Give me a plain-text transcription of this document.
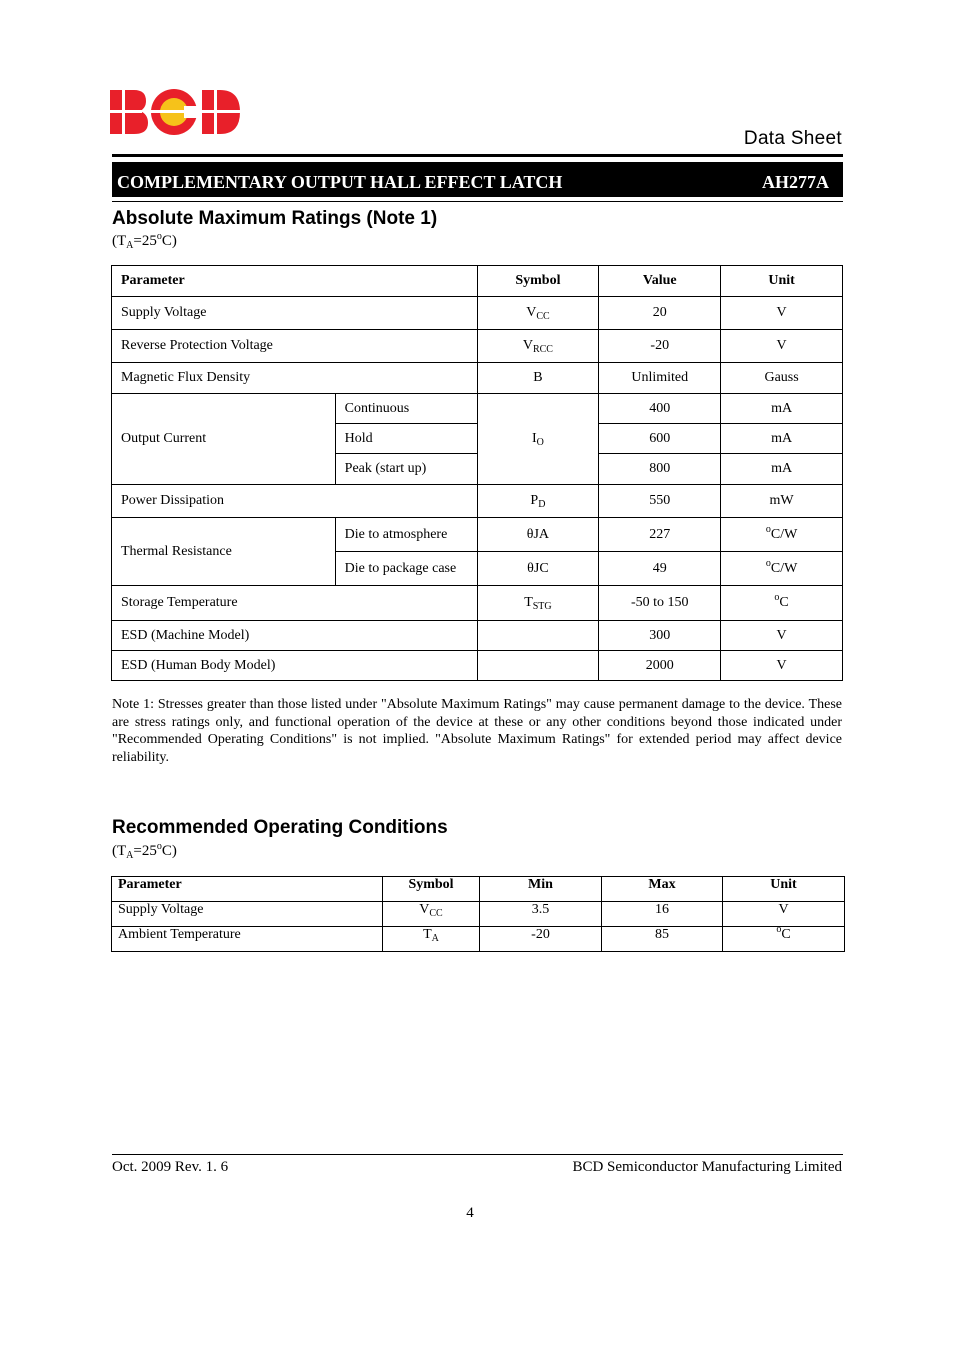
Data Sheet
COMPLEMENTARY OUTPUT HALL EFFECT LATCH	AH277A
Absolute Maximum Ratings (Note 1)
$(T_A=25^oC)$
Parameter		Symbol	Value	Unit
Supply Voltage		$V_{CC}$	20	V
Reverse Protection Voltage		$V_{RCC}$	-20	V
Magnetic Flux Density		B	Unlimited	Gauss
Output Current	Continuous	$I_O$	400	mA
	Hold		600	mA
	Peak (start up)		800	mA
Power Dissipation		$P_D$	550	mW
Thermal Resistance	Die to atmosphere	θJA	227	$^o$C/W
	Die to package case	θJC	49	$^o$C/W
Storage Temperature		$T_{STG}$	-50 to 150	$^o$C
ESD (Machine Model)			300	V
ESD (Human Body Model)			2000	V
Note 1: Stresses greater than those listed under "Absolute Maximum Ratings" may cause permanent damage to the device. These are stress ratings only, and functional operation of the device at these or any other conditions beyond those indicated under "Recommended Operating Conditions" is not implied. "Absolute Maximum Ratings" for extended period may affect device reliability.
Recommended Operating Conditions
$(T_A=25^oC)$
Parameter	Symbol	Min	Max	Unit
Supply Voltage	$V_{CC}$	3.5	16	V
Ambient Temperature	$T_A$	-20	85	$^o$C
Oct. 2009 Rev. 1. 6	BCD Semiconductor Manufacturing Limited
4
